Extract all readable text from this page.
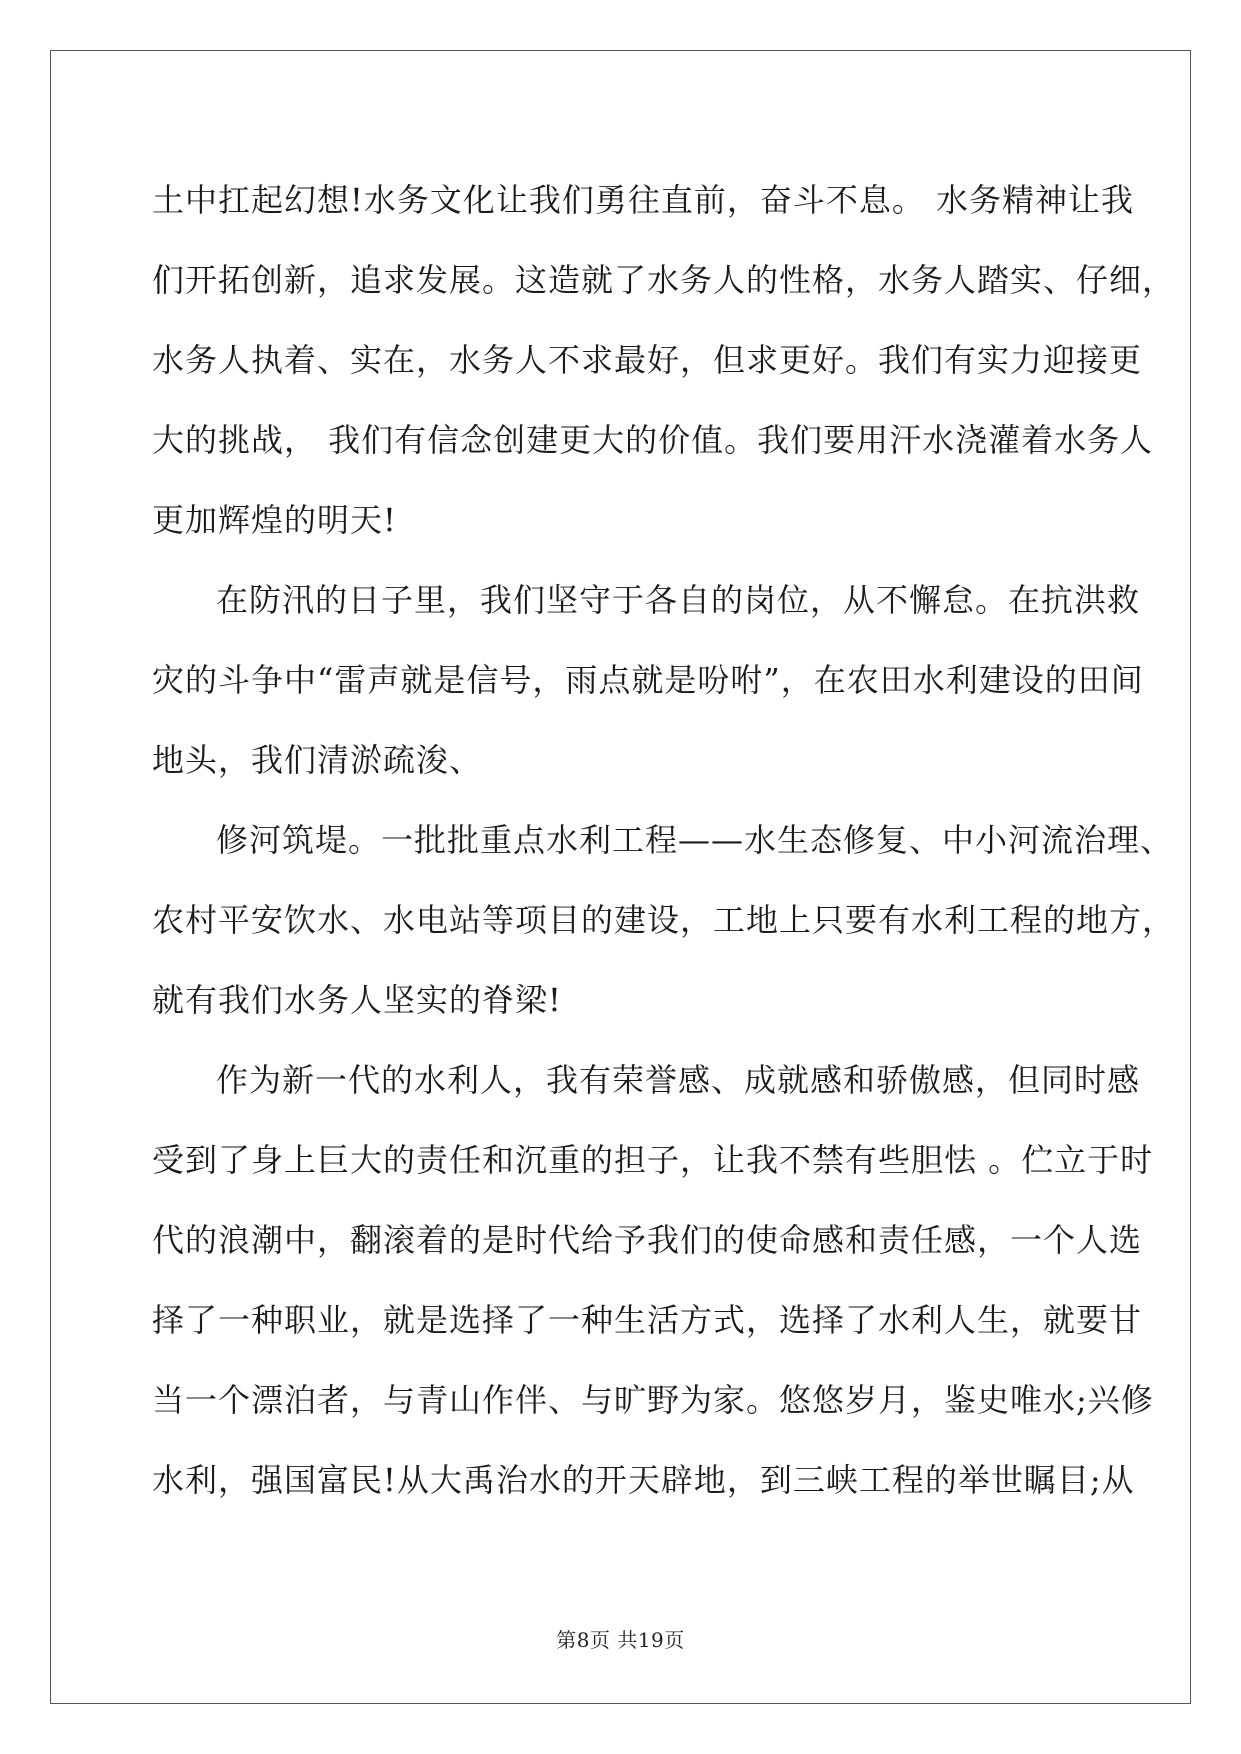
土中扛起幻想!水务文化让我们勇往直前，奋斗不息。 水务精神让我
们开拓创新，追求发展。这造就了水务人的性格，水务人踏实、仔细，
水务人执着、实在，水务人不求最好，但求更好。我们有实力迎接更
大的挑战， 我们有信念创建更大的价值。我们要用汗水浇灌着水务人
更加辉煌的明天!
在防汛的日子里，我们坚守于各自的岗位，从不懈怠。在抗洪救
灾的斗争中“雷声就是信号，雨点就是吩咐”，在农田水利建设的田间
地头，我们清淤疏浚、
修河筑堤。一批批重点水利工程——水生态修复、中小河流治理、
农村平安饮水、水电站等项目的建设，工地上只要有水利工程的地方，
就有我们水务人坚实的脊梁!
作为新一代的水利人，我有荣誉感、成就感和骄傲感，但同时感
受到了身上巨大的责任和沉重的担子，让我不禁有些胆怯 。伫立于时
代的浪潮中，翻滚着的是时代给予我们的使命感和责任感，一个人选
择了一种职业，就是选择了一种生活方式，选择了水利人生，就要甘
当一个漂泊者，与青山作伴、与旷野为家。悠悠岁月，鉴史唯水;兴修
水利，强国富民!从大禹治水的开天辟地，到三峡工程的举世瞩目;从
第8页 共19页
